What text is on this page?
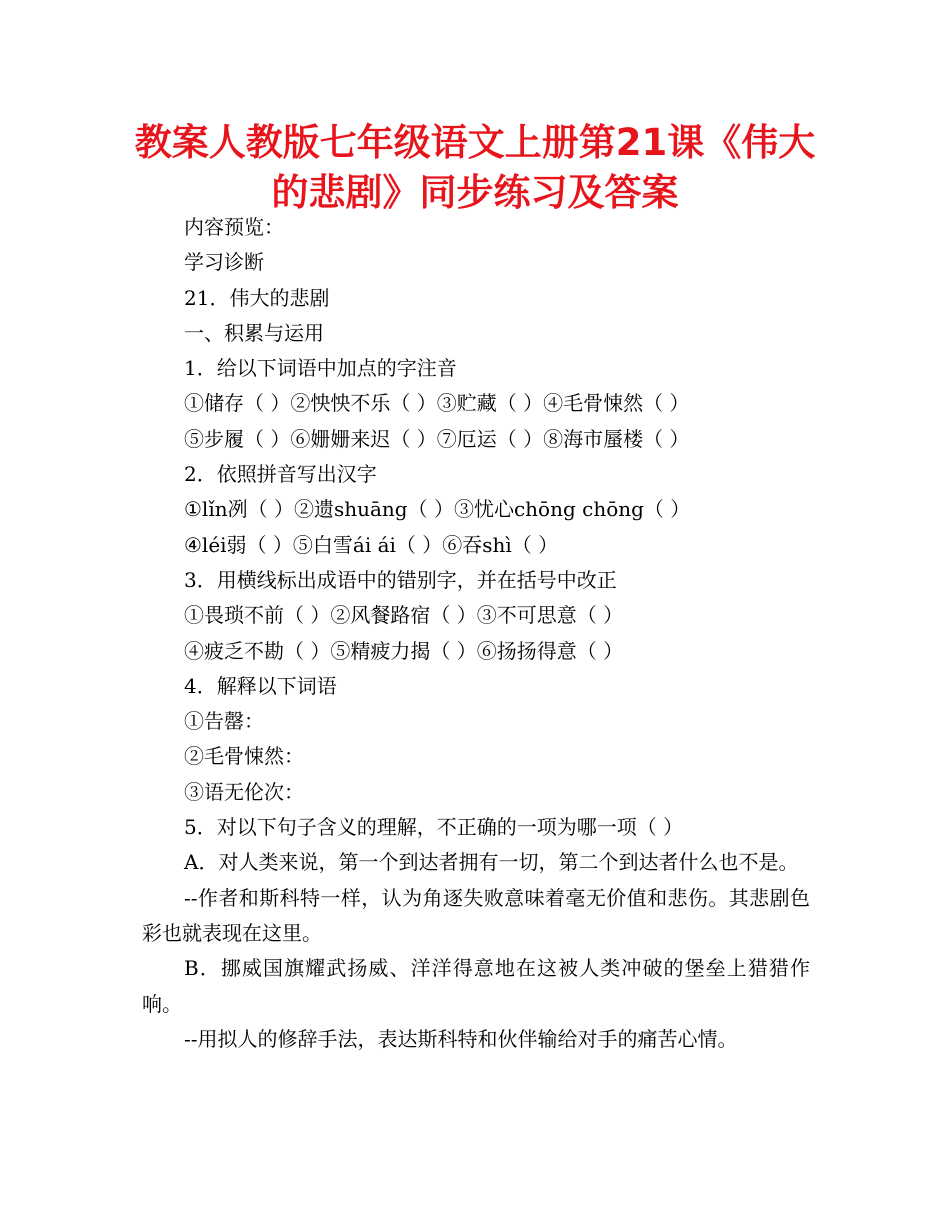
教案人教版七年级语文上册第21课《伟大的悲剧》同步练习及答案
内容预览：
学习诊断
21．伟大的悲剧
一、积累与运用
1．给以下词语中加点的字注音
①储存（ ）②怏怏不乐（ ）③贮藏（ ）④毛骨悚然（ ）
⑤步履（ ）⑥姗姗来迟（ ）⑦厄运（ ）⑧海市蜃楼（ ）
2．依照拼音写出汉字
①lǐn冽（ ）②遗shuāng（ ）③忧心chōng chōng（ ）
④léi弱（ ）⑤白雪ái ái（ ）⑥吞shì（ ）
3．用横线标出成语中的错别字，并在括号中改正
①畏琐不前（ ）②风餐路宿（ ）③不可思意（ ）
④疲乏不勘（ ）⑤精疲力揭（ ）⑥扬扬得意（ ）
4．解释以下词语
①告罄：
②毛骨悚然：
③语无伦次：
5．对以下句子含义的理解，不正确的一项为哪一项（ ）
A．对人类来说，第一个到达者拥有一切，第二个到达者什么也不是。
--作者和斯科特一样，认为角逐失败意味着毫无价值和悲伤。其悲剧色彩也就表现在这里。
B．挪威国旗耀武扬威、洋洋得意地在这被人类冲破的堡垒上猎猎作响。
--用拟人的修辞手法，表达斯科特和伙伴输给对手的痛苦心情。
